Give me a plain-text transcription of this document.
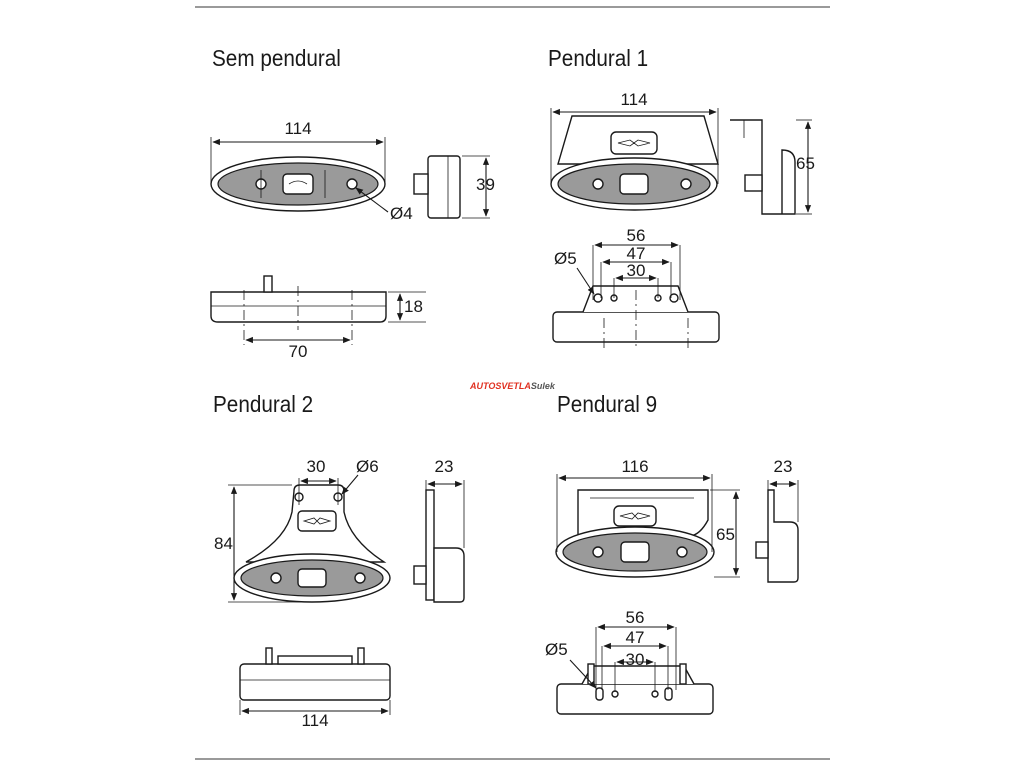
Sem pendural	Pendural 1
Pendural 2	Pendural 9
114
Ø4
39
70
18
114
65
56
47
30
Ø5
AUTOSVETLASulek
30 Ø6
84
23
114
116
65
23
56
47
30
Ø5
